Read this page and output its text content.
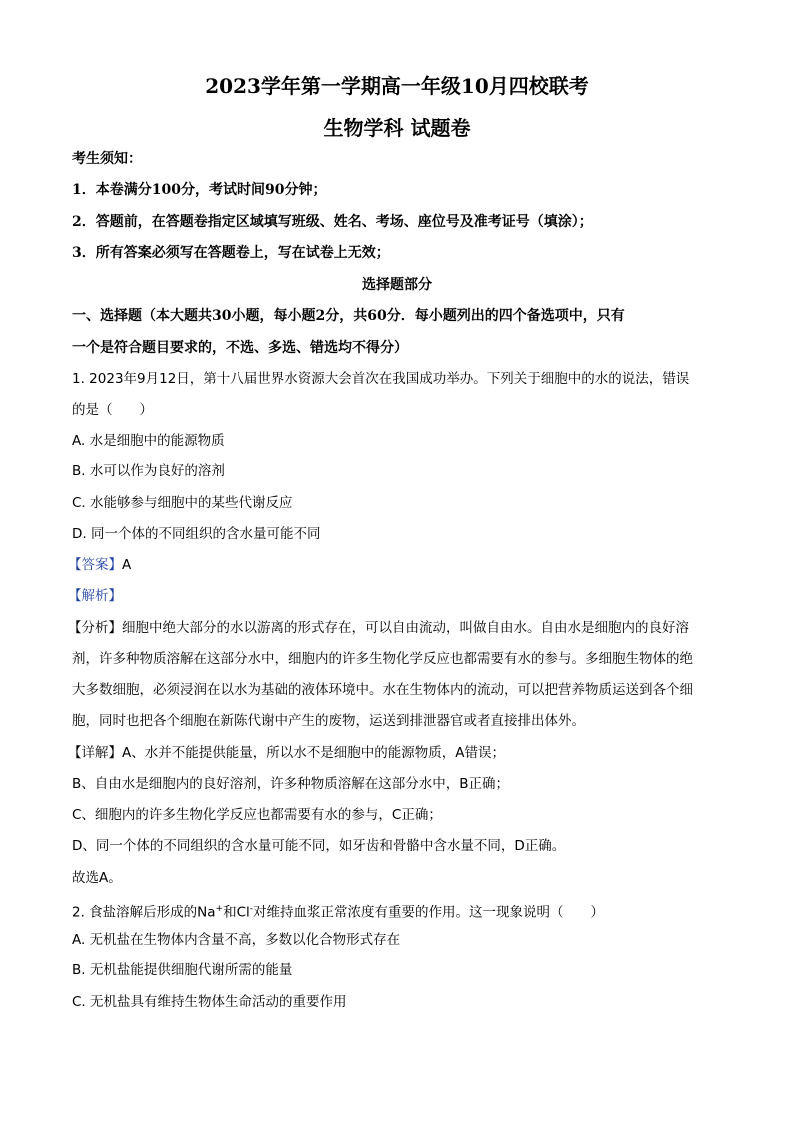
2023学年第一学期高一年级10月四校联考
生物学科 试题卷
考生须知：
1．本卷满分100分，考试时间90分钟；
2．答题前，在答题卷指定区域填写班级、姓名、考场、座位号及准考证号（填涂）；
3．所有答案必须写在答题卷上，写在试卷上无效；
选择题部分
一、选择题（本大题共30小题，每小题2分，共60分．每小题列出的四个备选项中，只有
一个是符合题目要求的，不选、多选、错选均不得分）
1. 2023年9月12日，第十八届世界水资源大会首次在我国成功举办。下列关于细胞中的水的说法，错误
的是（　　）
A. 水是细胞中的能源物质
B. 水可以作为良好的溶剂
C. 水能够参与细胞中的某些代谢反应
D. 同一个体的不同组织的含水量可能不同
【答案】A
【解析】
【分析】细胞中绝大部分的水以游离的形式存在，可以自由流动，叫做自由水。自由水是细胞内的良好溶
剂，许多种物质溶解在这部分水中，细胞内的许多生物化学反应也都需要有水的参与。多细胞生物体的绝
大多数细胞，必须浸润在以水为基础的液体环境中。水在生物体内的流动，可以把营养物质运送到各个细
胞，同时也把各个细胞在新陈代谢中产生的废物，运送到排泄器官或者直接排出体外。
【详解】A、水并不能提供能量，所以水不是细胞中的能源物质，A错误；
B、自由水是细胞内的良好溶剂，许多种物质溶解在这部分水中，B正确；
C、细胞内的许多生物化学反应也都需要有水的参与，C正确；
D、同一个体的不同组织的含水量可能不同，如牙齿和骨骼中含水量不同，D正确。
故选A。
2. 食盐溶解后形成的Na+和Cl-对维持血浆正常浓度有重要的作用。这一现象说明（　　）
A. 无机盐在生物体内含量不高，多数以化合物形式存在
B. 无机盐能提供细胞代谢所需的能量
C. 无机盐具有维持生物体生命活动的重要作用
